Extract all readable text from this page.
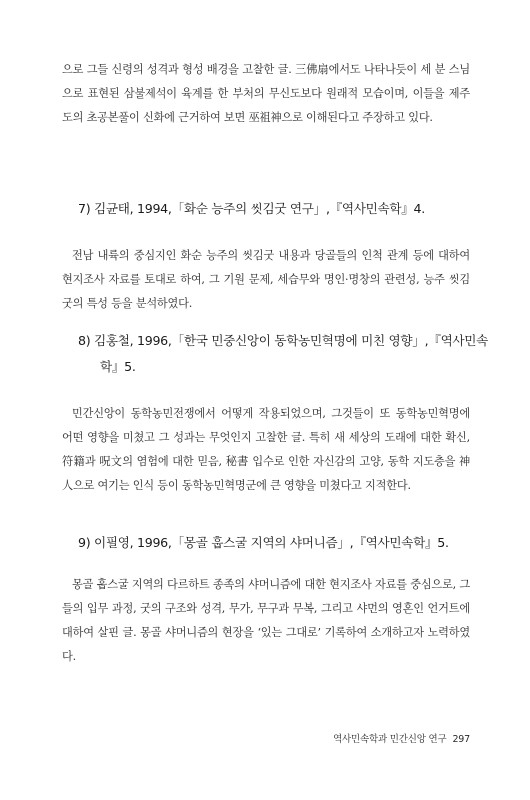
으로 그들 신령의 성격과 형성 배경을 고찰한 글. 三佛扇에서도 나타나듯이 세 분 스님으로 표현된 삼불제석이 육계를 한 부처의 무신도보다 원래적 모습이며, 이들을 제주도의 초공본풀이 신화에 근거하여 보면 巫祖神으로 이해된다고 주장하고 있다.

7) 김균태, 1994,「화순 능주의 씻김굿 연구」,『역사민속학』4.

전남 내륙의 중심지인 화순 능주의 씻김굿 내용과 당골들의 인척 관계 등에 대하여 현지조사 자료를 토대로 하여, 그 기원 문제, 세습무와 명인·명창의 관련성, 능주 씻김굿의 특성 등을 분석하였다.

8) 김홍철, 1996,「한국 민중신앙이 동학농민혁명에 미친 영향」,『역사민속학』5.

민간신앙이 동학농민전쟁에서 어떻게 작용되었으며, 그것들이 또 동학농민혁명에 어떤 영향을 미쳤고 그 성과는 무엇인지 고찰한 글. 특히 새 세상의 도래에 대한 확신, 符籍과 呪文의 염험에 대한 믿음, 秘書 입수로 인한 자신감의 고양, 동학 지도층을 神人으로 여기는 인식 등이 동학농민혁명군에 큰 영향을 미쳤다고 지적한다.

9) 이필영, 1996,「몽골 훕스굴 지역의 샤머니즘」,『역사민속학』5.

몽골 훕스굴 지역의 다르하트 종족의 샤머니즘에 대한 현지조사 자료를 중심으로, 그들의 입무 과정, 굿의 구조와 성격, 무가, 무구과 무복, 그리고 샤먼의 영혼인 언거트에 대하여 살핀 글. 몽골 샤머니즘의 현장을 ‘있는 그대로’ 기록하여 소개하고자 노력하였다.

역사민속학과 민간신앙 연구 297
